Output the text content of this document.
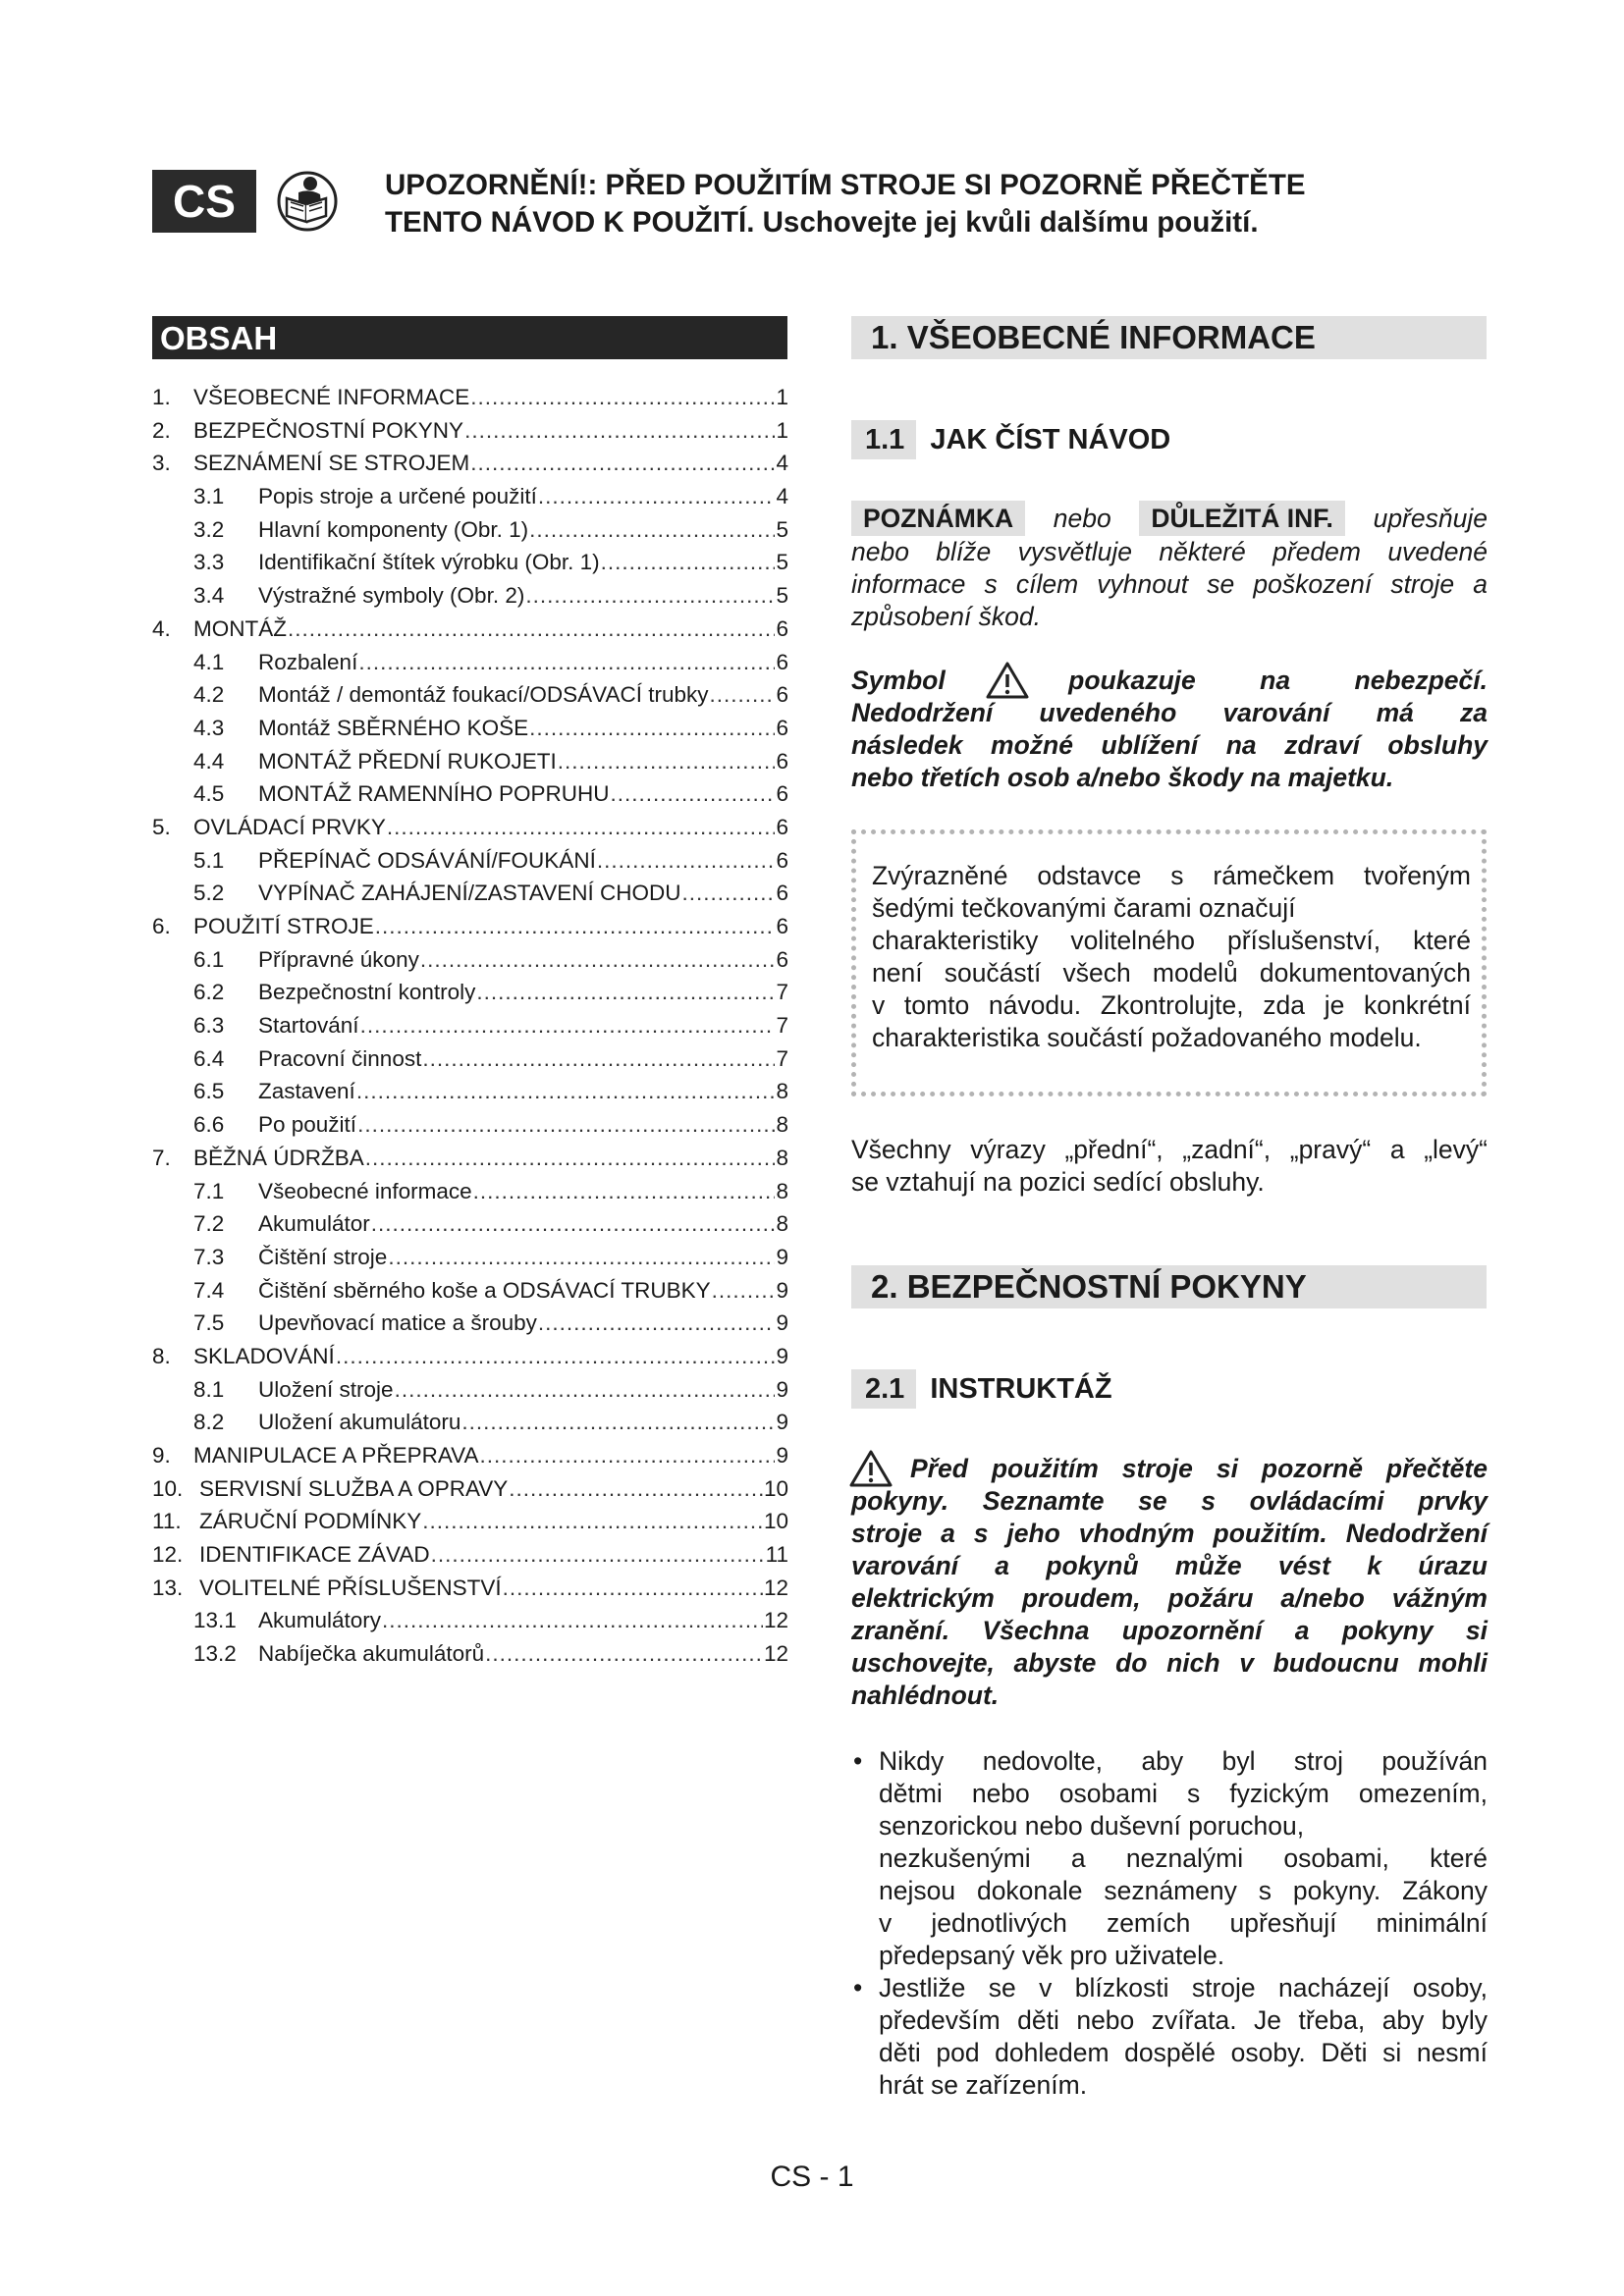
CS	UPOZORNĚNÍ!: PŘED POUŽITÍM STROJE SI POZORNĚ PŘEČTĚTE
TENTO NÁVOD K POUŽITÍ. Uschovejte jej kvůli dalšímu použití.
OBSAH
1.	VŠEOBECNÉ INFORMACE .....	1
2.	BEZPEČNOSTNÍ POKYNY .....	1
3.	SEZNÁMENÍ SE STROJEM .....	4
3.1	Popis stroje a určené použití .....	4
3.2	Hlavní komponenty (Obr. 1) .....	5
3.3	Identifikační štítek výrobku (Obr. 1) .....	5
3.4	Výstražné symboly (Obr. 2) .....	5
4.	MONTÁŽ .....	6
4.1	Rozbalení .....	6
4.2	Montáž / demontáž foukací/ODSÁVACÍ trubky .....	6
4.3	Montáž SBĚRNÉHO KOŠE .....	6
4.4	MONTÁŽ PŘEDNÍ RUKOJETI .....	6
4.5	MONTÁŽ RAMENNÍHO POPRUHU .....	6
5.	OVLÁDACÍ PRVKY .....	6
5.1	PŘEPÍNAČ ODSÁVÁNÍ/FOUKÁNÍ .....	6
5.2	VYPÍNAČ ZAHÁJENÍ/ZASTAVENÍ CHODU .....	6
6.	POUŽITÍ STROJE .....	6
6.1	Přípravné úkony .....	6
6.2	Bezpečnostní kontroly .....	7
6.3	Startování .....	7
6.4	Pracovní činnost .....	7
6.5	Zastavení .....	8
6.6	Po použití .....	8
7.	BĚŽNÁ ÚDRŽBA .....	8
7.1	Všeobecné informace .....	8
7.2	Akumulátor .....	8
7.3	Čištění stroje .....	9
7.4	Čištění sběrného koše a ODSÁVACÍ TRUBKY .....	9
7.5	Upevňovací matice a šrouby .....	9
8.	SKLADOVÁNÍ .....	9
8.1	Uložení stroje .....	9
8.2	Uložení akumulátoru .....	9
9.	MANIPULACE A PŘEPRAVA .....	9
10. SERVISNÍ SLUŽBA A OPRAVY .....	10
11. ZÁRUČNÍ PODMÍNKY .....	10
12. IDENTIFIKACE ZÁVAD .....	11
13. VOLITELNÉ PŘÍSLUŠENSTVÍ .....	12
13.1 Akumulátory .....	12
13.2 Nabíječka akumulátorů .....	12
1. VŠEOBECNÉ INFORMACE
1.1 JAK ČÍST NÁVOD
POZNÁMKA nebo DŮLEŽITÁ INF. upřesňuje
nebo blíže vysvětluje některé předem uvedené
informace s cílem vyhnout se poškození stroje a
způsobení škod.
Symbol	poukazuje na nebezpečí.
Nedodržení uvedeného varování má za
následek možné ublížení na zdraví obsluhy
nebo třetích osob a/nebo škody na majetku.
Zvýrazněné odstavce s rámečkem tvořeným
šedými tečkovanými čarami označují
charakteristiky volitelného příslušenství, které
není součástí všech modelů dokumentovaných
v tomto návodu. Zkontrolujte, zda je konkrétní
charakteristika součástí požadovaného modelu.
Všechny výrazy „přední“, „zadní“, „pravý“ a „levý“
se vztahují na pozici sedící obsluhy.
2. BEZPEČNOSTNÍ POKYNY
2.1 INSTRUKTÁŽ
Před použitím stroje si pozorně přečtěte
pokyny. Seznamte se s ovládacími prvky
stroje a s jeho vhodným použitím. Nedodržení
varování a pokynů může vést k úrazu
elektrickým proudem, požáru a/nebo vážným
zranění. Všechna upozornění a pokyny si
uschovejte, abyste do nich v budoucnu mohli
nahlédnout.
• Nikdy nedovolte, aby byl stroj používán
dětmi nebo osobami s fyzickým omezením,
senzorickou nebo duševní poruchou,
nezkušenými a neznalými osobami, které
nejsou dokonale seznámeny s pokyny. Zákony
v jednotlivých zemích upřesňují minimální
předepsaný věk pro uživatele.
• Jestliže se v blízkosti stroje nacházejí osoby,
především děti nebo zvířata. Je třeba, aby byly
děti pod dohledem dospělé osoby. Děti si nesmí
hrát se zařízením.
CS - 1
